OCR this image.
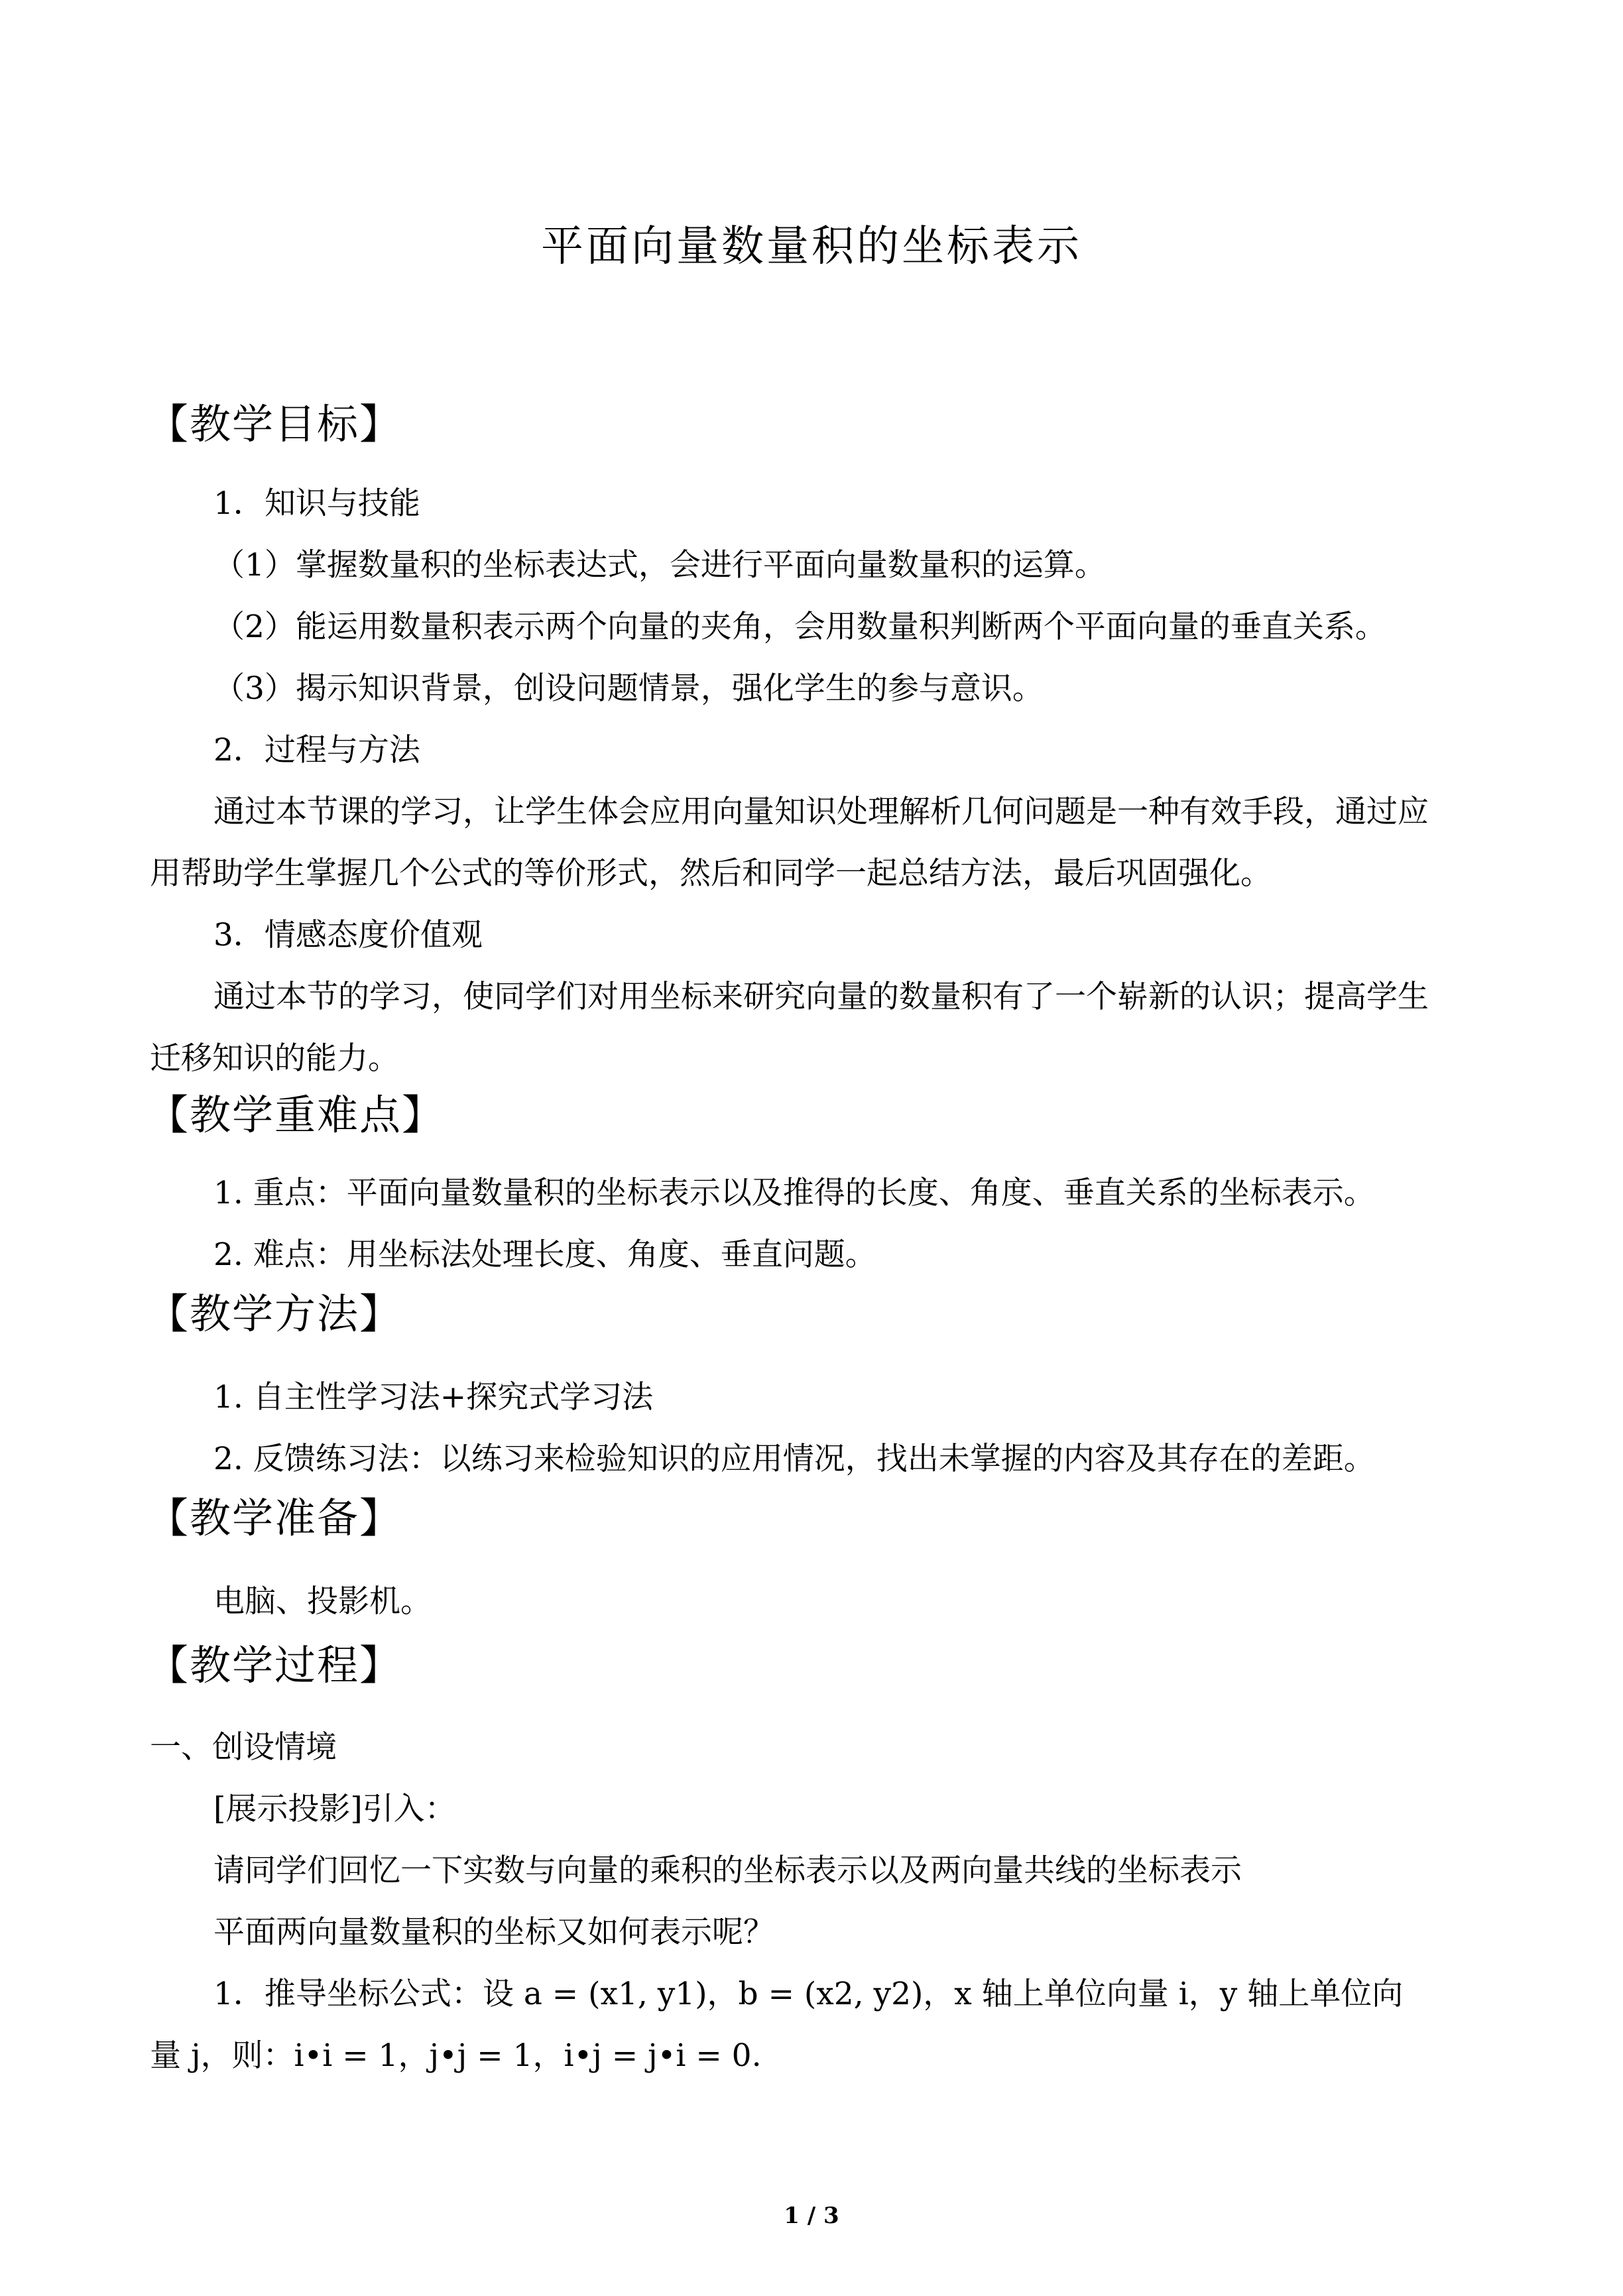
平面向量数量积的坐标表示
【教学目标】
1．知识与技能
（1）掌握数量积的坐标表达式，会进行平面向量数量积的运算。
（2）能运用数量积表示两个向量的夹角，会用数量积判断两个平面向量的垂直关系。
（3）揭示知识背景，创设问题情景，强化学生的参与意识。
2．过程与方法
通过本节课的学习，让学生体会应用向量知识处理解析几何问题是一种有效手段，通过应
用帮助学生掌握几个公式的等价形式，然后和同学一起总结方法，最后巩固强化。
3．情感态度价值观
通过本节的学习，使同学们对用坐标来研究向量的数量积有了一个崭新的认识；提高学生
迁移知识的能力。
【教学重难点】
1. 重点：平面向量数量积的坐标表示以及推得的长度、角度、垂直关系的坐标表示。
2. 难点：用坐标法处理长度、角度、垂直问题。
【教学方法】
1. 自主性学习法+探究式学习法
2. 反馈练习法：以练习来检验知识的应用情况，找出未掌握的内容及其存在的差距。
【教学准备】
电脑、投影机。
【教学过程】
一、创设情境
[展示投影]引入：
请同学们回忆一下实数与向量的乘积的坐标表示以及两向量共线的坐标表示
平面两向量数量积的坐标又如何表示呢？
1．推导坐标公式：设 a = (x1, y1)，b = (x2, y2)，x 轴上单位向量 i，y 轴上单位向
量 j，则：i•i = 1，j•j = 1，i•j = j•i = 0.
1 / 3
